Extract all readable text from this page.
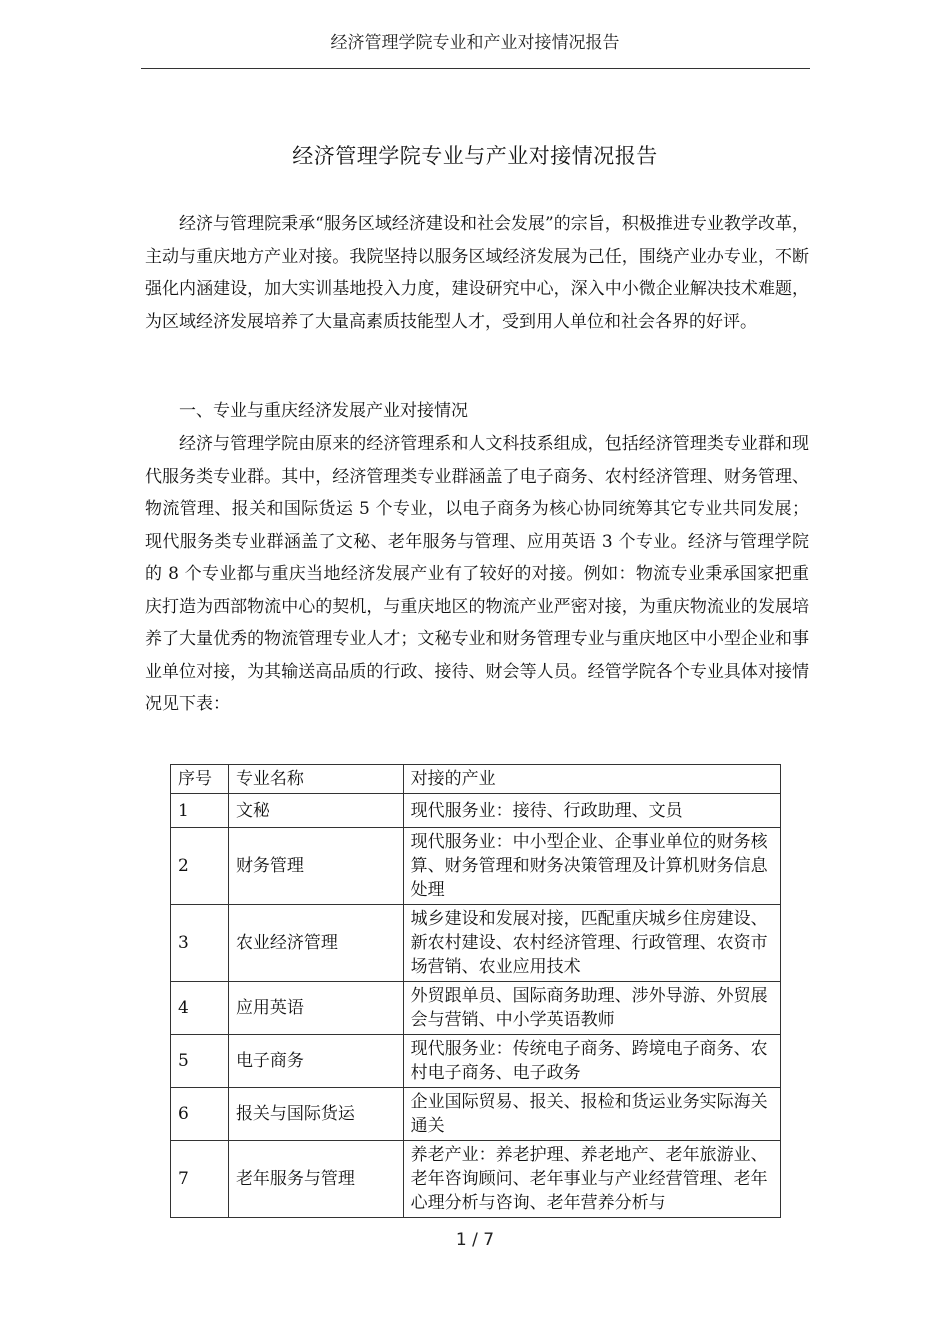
经济管理学院专业和产业对接情况报告
经济管理学院专业与产业对接情况报告

经济与管理院秉承“服务区域经济建设和社会发展”的宗旨，积极推进专业教学改革，主动与重庆地方产业对接。我院坚持以服务区域经济发展为己任，围绕产业办专业，不断强化内涵建设，加大实训基地投入力度，建设研究中心，深入中小微企业解决技术难题，为区域经济发展培养了大量高素质技能型人才，受到用人单位和社会各界的好评。

一、专业与重庆经济发展产业对接情况

经济与管理学院由原来的经济管理系和人文科技系组成，包括经济管理类专业群和现代服务类专业群。其中，经济管理类专业群涵盖了电子商务、农村经济管理、财务管理、物流管理、报关和国际货运 5 个专业，以电子商务为核心协同统筹其它专业共同发展；现代服务类专业群涵盖了文秘、老年服务与管理、应用英语 3 个专业。经济与管理学院的 8 个专业都与重庆当地经济发展产业有了较好的对接。例如：物流专业秉承国家把重庆打造为西部物流中心的契机，与重庆地区的物流产业严密对接，为重庆物流业的发展培养了大量优秀的物流管理专业人才；文秘专业和财务管理专业与重庆地区中小型企业和事业单位对接，为其输送高品质的行政、接待、财会等人员。经管学院各个专业具体对接情况见下表：

序号	专业名称	对接的产业
1	文秘	现代服务业：接待、行政助理、文员
2	财务管理	现代服务业：中小型企业、企事业单位的财务核算、财务管理和财务决策管理及计算机财务信息处理
3	农业经济管理	城乡建设和发展对接，匹配重庆城乡住房建设、新农村建设、农村经济管理、行政管理、农资市场营销、农业应用技术
4	应用英语	外贸跟单员、国际商务助理、涉外导游、外贸展会与营销、中小学英语教师
5	电子商务	现代服务业：传统电子商务、跨境电子商务、农村电子商务、电子政务
6	报关与国际货运	企业国际贸易、报关、报检和货运业务实际海关通关
7	老年服务与管理	养老产业：养老护理、养老地产、老年旅游业、老年咨询顾问、老年事业与产业经营管理、老年心理分析与咨询、老年营养分析与
1 / 7
